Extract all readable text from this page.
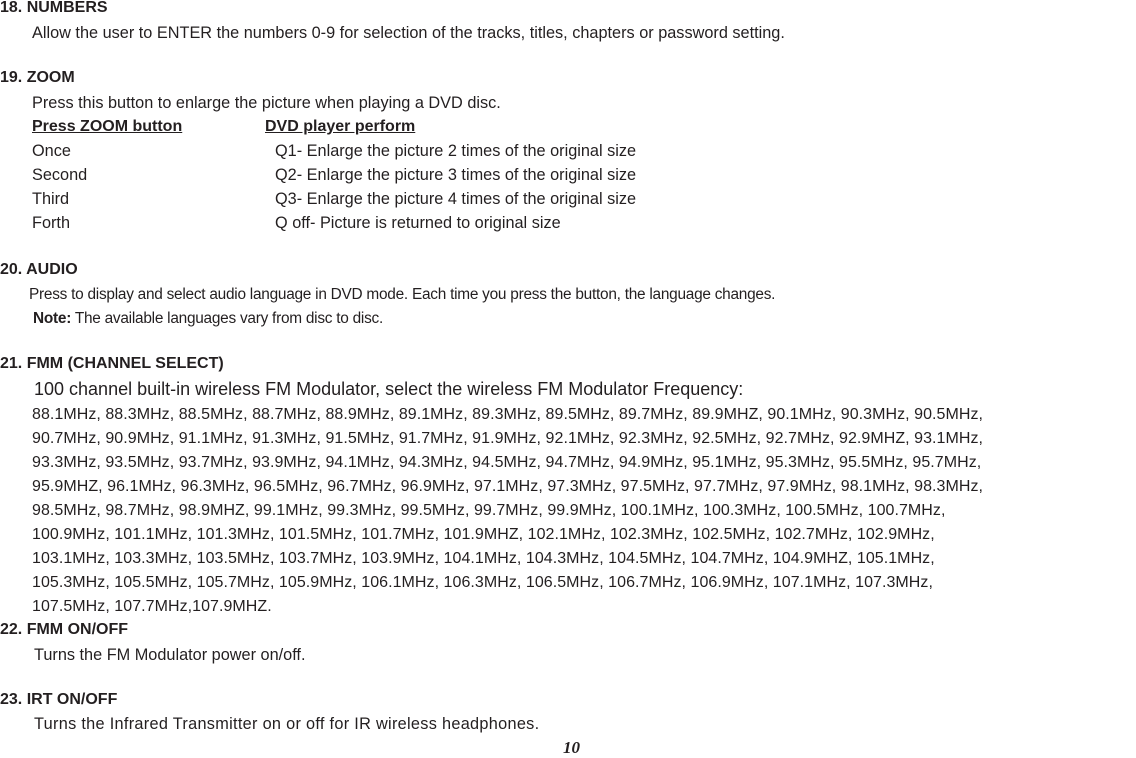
18. NUMBERS
Allow the user to ENTER the numbers 0-9 for selection of the tracks, titles, chapters or password setting.
19. ZOOM
Press this button to enlarge the picture when playing a DVD disc.
Press ZOOM button	DVD player perform
Once	Q1- Enlarge the picture 2 times of the original size
Second	Q2- Enlarge the picture 3 times of the original size
Third	Q3- Enlarge the picture 4 times of the original size
Forth	Q off- Picture is returned to original size
20. AUDIO
Press to display and select audio language in DVD mode. Each time you press the button, the language changes.
Note: The available languages vary from disc to disc.
21. FMM (CHANNEL SELECT)
100 channel built-in wireless FM Modulator, select the wireless FM Modulator Frequency:
88.1MHz, 88.3MHz, 88.5MHz, 88.7MHz, 88.9MHz, 89.1MHz, 89.3MHz, 89.5MHz, 89.7MHz, 89.9MHZ, 90.1MHz, 90.3MHz, 90.5MHz,
90.7MHz, 90.9MHz, 91.1MHz, 91.3MHz, 91.5MHz, 91.7MHz, 91.9MHz, 92.1MHz, 92.3MHz, 92.5MHz, 92.7MHz, 92.9MHZ, 93.1MHz,
93.3MHz, 93.5MHz, 93.7MHz, 93.9MHz, 94.1MHz, 94.3MHz, 94.5MHz, 94.7MHz, 94.9MHz, 95.1MHz, 95.3MHz, 95.5MHz, 95.7MHz,
95.9MHZ, 96.1MHz, 96.3MHz, 96.5MHz, 96.7MHz, 96.9MHz, 97.1MHz, 97.3MHz, 97.5MHz, 97.7MHz, 97.9MHz, 98.1MHz, 98.3MHz,
98.5MHz, 98.7MHz, 98.9MHZ, 99.1MHz, 99.3MHz, 99.5MHz, 99.7MHz, 99.9MHz, 100.1MHz, 100.3MHz, 100.5MHz, 100.7MHz,
100.9MHz, 101.1MHz, 101.3MHz, 101.5MHz, 101.7MHz, 101.9MHZ, 102.1MHz, 102.3MHz, 102.5MHz, 102.7MHz, 102.9MHz,
103.1MHz, 103.3MHz, 103.5MHz, 103.7MHz, 103.9MHz, 104.1MHz, 104.3MHz, 104.5MHz, 104.7MHz, 104.9MHZ, 105.1MHz,
105.3MHz, 105.5MHz, 105.7MHz, 105.9MHz, 106.1MHz, 106.3MHz, 106.5MHz, 106.7MHz, 106.9MHz, 107.1MHz, 107.3MHz,
107.5MHz, 107.7MHz,107.9MHZ.
22. FMM ON/OFF
Turns the FM Modulator power on/off.
23. IRT ON/OFF
Turns the Infrared Transmitter on or off for IR wireless headphones.
10
